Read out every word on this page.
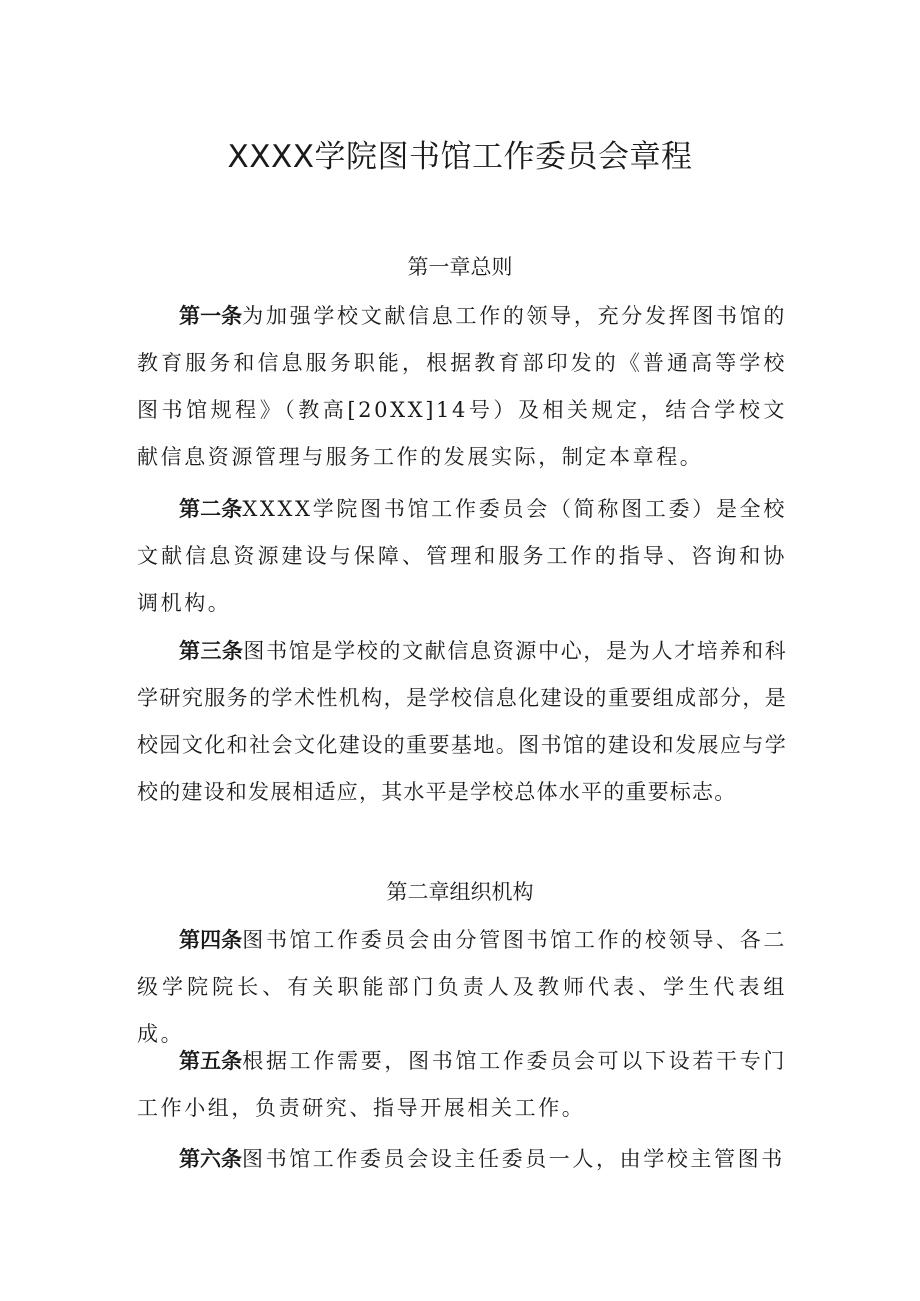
XXXX学院图书馆工作委员会章程
第一章总则

第一条为加强学校文献信息工作的领导，充分发挥图书馆的教育服务和信息服务职能，根据教育部印发的《普通高等学校图书馆规程》（教高[20XX]14号）及相关规定，结合学校文献信息资源管理与服务工作的发展实际，制定本章程。

第二条XXXX学院图书馆工作委员会（简称图工委）是全校文献信息资源建设与保障、管理和服务工作的指导、咨询和协调机构。

第三条图书馆是学校的文献信息资源中心，是为人才培养和科学研究服务的学术性机构，是学校信息化建设的重要组成部分，是校园文化和社会文化建设的重要基地。图书馆的建设和发展应与学校的建设和发展相适应，其水平是学校总体水平的重要标志。

第二章组织机构

第四条图书馆工作委员会由分管图书馆工作的校领导、各二级学院院长、有关职能部门负责人及教师代表、学生代表组成。

第五条根据工作需要，图书馆工作委员会可以下设若干专门工作小组，负责研究、指导开展相关工作。

第六条图书馆工作委员会设主任委员一人，由学校主管图书
